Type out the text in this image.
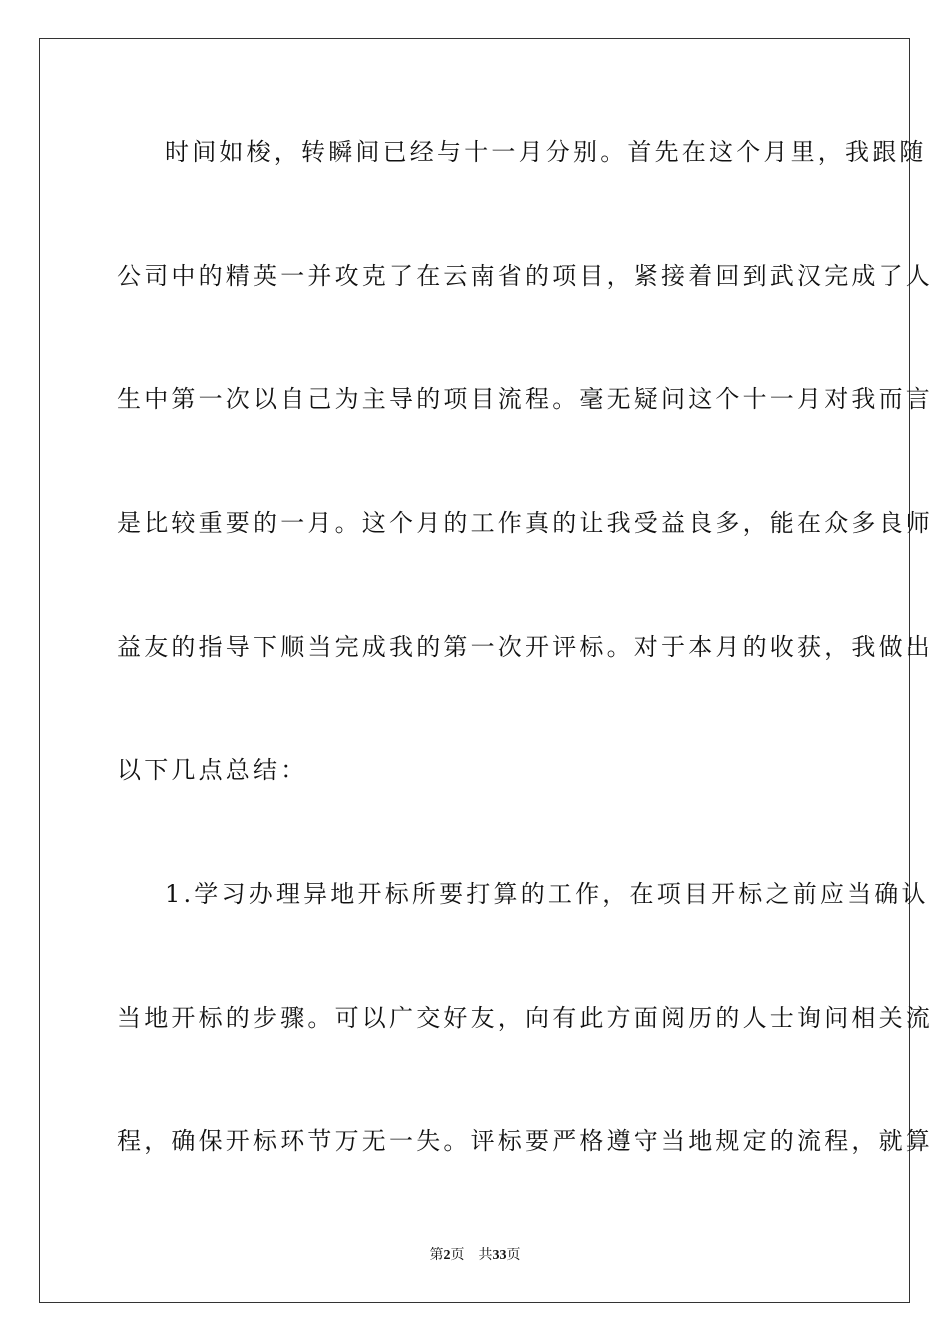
时间如梭，转瞬间已经与十一月分别。首先在这个月里，我跟随
公司中的精英一并攻克了在云南省的项目，紧接着回到武汉完成了人
生中第一次以自己为主导的项目流程。毫无疑问这个十一月对我而言
是比较重要的一月。这个月的工作真的让我受益良多，能在众多良师
益友的指导下顺当完成我的第一次开评标。对于本月的收获，我做出
以下几点总结：
1.学习办理异地开标所要打算的工作，在项目开标之前应当确认
当地开标的步骤。可以广交好友，向有此方面阅历的人士询问相关流
程，确保开标环节万无一失。评标要严格遵守当地规定的流程，就算
第2页 共33页
